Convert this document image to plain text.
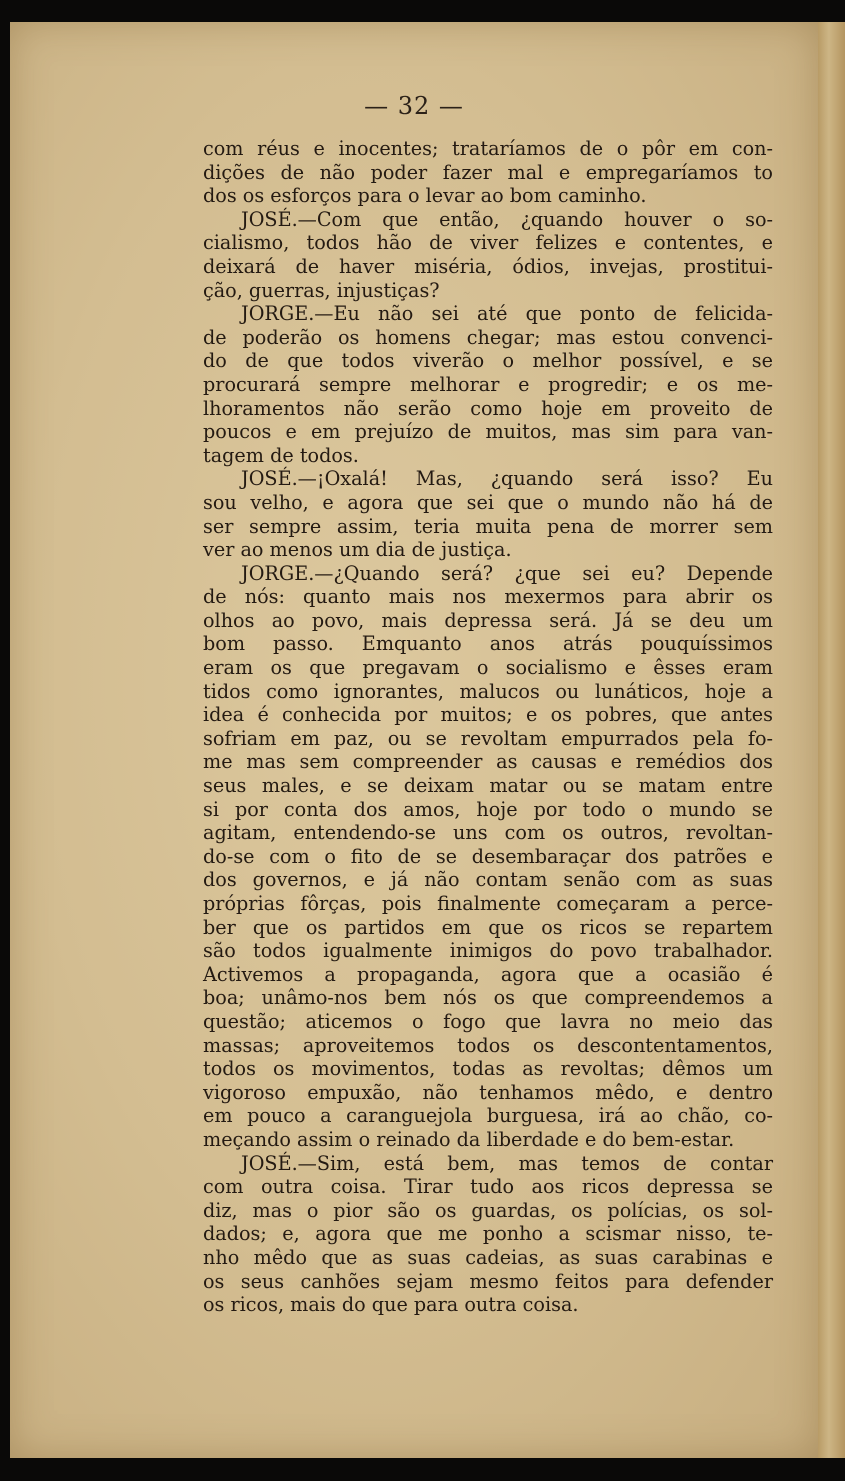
— 32 —
com réus e inocentes; trataríamos de o pôr em con-
dições de não poder fazer mal e empregaríamos to
dos os esforços para o levar ao bom caminho.
JOSÉ.—Com que então, ¿quando houver o so-
cialismo, todos hão de viver felizes e contentes, e
deixará de haver miséria, ódios, invejas, prostitui-
ção, guerras, injustiças?
JORGE.—Eu não sei até que ponto de felicida-
de poderão os homens chegar; mas estou convenci-
do de que todos viverão o melhor possível, e se
procurará sempre melhorar e progredir; e os me-
lhoramentos não serão como hoje em proveito de
poucos e em prejuízo de muitos, mas sim para van-
tagem de todos.
JOSÉ.—¡Oxalá! Mas, ¿quando será isso? Eu
sou velho, e agora que sei que o mundo não há de
ser sempre assim, teria muita pena de morrer sem
ver ao menos um dia de justiça.
JORGE.—¿Quando será? ¿que sei eu? Depende
de nós: quanto mais nos mexermos para abrir os
olhos ao povo, mais depressa será. Já se deu um
bom passo. Emquanto anos atrás pouquíssimos
eram os que pregavam o socialismo e êsses eram
tidos como ignorantes, malucos ou lunáticos, hoje a
idea é conhecida por muitos; e os pobres, que antes
sofriam em paz, ou se revoltam empurrados pela fo-
me mas sem compreender as causas e remédios dos
seus males, e se deixam matar ou se matam entre
si por conta dos amos, hoje por todo o mundo se
agitam, entendendo-se uns com os outros, revoltan-
do-se com o fito de se desembaraçar dos patrões e
dos governos, e já não contam senão com as suas
próprias fôrças, pois finalmente começaram a perce-
ber que os partidos em que os ricos se repartem
são todos igualmente inimigos do povo trabalhador.
Activemos a propaganda, agora que a ocasião é
boa; unâmo-nos bem nós os que compreendemos a
questão; aticemos o fogo que lavra no meio das
massas; aproveitemos todos os descontentamentos,
todos os movimentos, todas as revoltas; dêmos um
vigoroso empuxão, não tenhamos mêdo, e dentro
em pouco a caranguejola burguesa, irá ao chão, co-
meçando assim o reinado da liberdade e do bem-estar.
JOSÉ.—Sim, está bem, mas temos de contar
com outra coisa. Tirar tudo aos ricos depressa se
diz, mas o pior são os guardas, os polícias, os sol-
dados; e, agora que me ponho a scismar nisso, te-
nho mêdo que as suas cadeias, as suas carabinas e
os seus canhões sejam mesmo feitos para defender
os ricos, mais do que para outra coisa.
